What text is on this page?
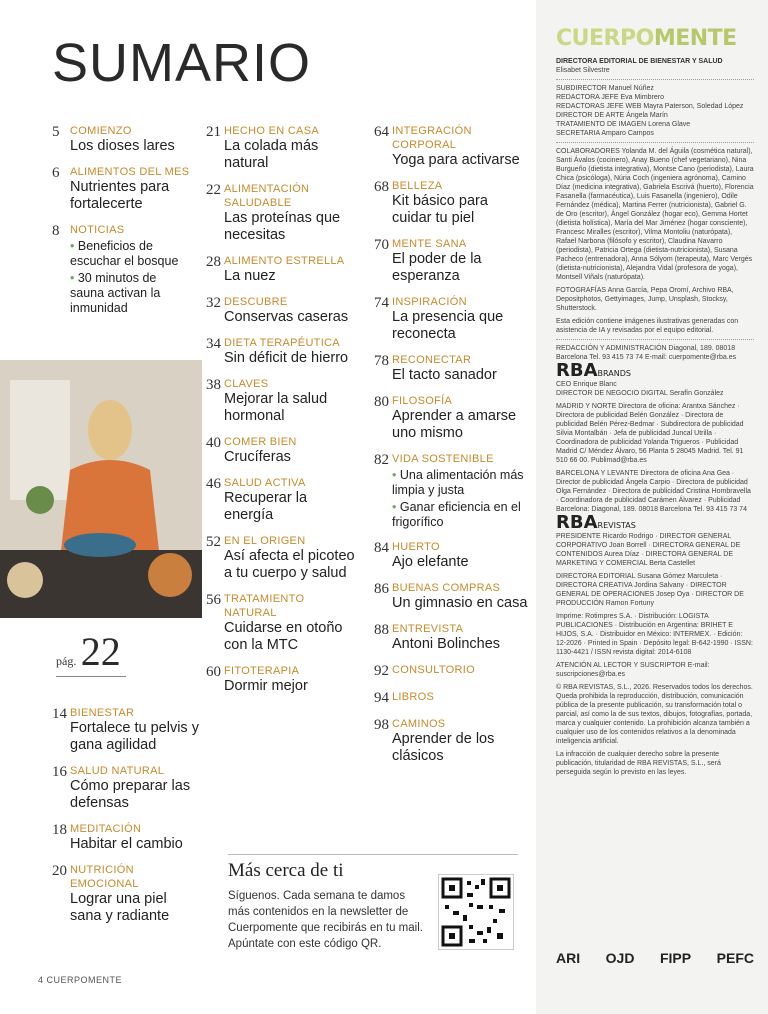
SUMARIO
5 COMIENZO
Los dioses lares
6 ALIMENTOS DEL MES
Nutrientes para fortalecerte
8 NOTICIAS
• Beneficios de escuchar el bosque
• 30 minutos de sauna activan la inmunidad
pág. 22
14 BIENESTAR
Fortalece tu pelvis y gana agilidad
16 SALUD NATURAL
Cómo preparar las defensas
18 MEDITACIÓN
Habitar el cambio
20 NUTRICIÓN EMOCIONAL
Lograr una piel sana y radiante
21 HECHO EN CASA
La colada más natural
22 ALIMENTACIÓN SALUDABLE
Las proteínas que necesitas
28 ALIMENTO ESTRELLA
La nuez
32 DESCUBRE
Conservas caseras
34 DIETA TERAPÉUTICA
Sin déficit de hierro
38 CLAVES
Mejorar la salud hormonal
40 COMER BIEN
Crucíferas
46 SALUD ACTIVA
Recuperar la energía
52 EN EL ORIGEN
Así afecta el picoteo a tu cuerpo y salud
56 TRATAMIENTO NATURAL
Cuidarse en otoño con la MTC
60 FITOTERAPIA
Dormir mejor
64 INTEGRACIÓN CORPORAL
Yoga para activarse
68 BELLEZA
Kit básico para cuidar tu piel
70 MENTE SANA
El poder de la esperanza
74 INSPIRACIÓN
La presencia que reconecta
78 RECONECTAR
El tacto sanador
80 FILOSOFÍA
Aprender a amarse uno mismo
82 VIDA SOSTENIBLE
• Una alimentación más limpia y justa
• Ganar eficiencia en el frigorífico
84 HUERTO
Ajo elefante
86 BUENAS COMPRAS
Un gimnasio en casa
88 ENTREVISTA
Antoni Bolinches
92 CONSULTORIO
94 LIBROS
98 CAMINOS
Aprender de los clásicos
Más cerca de ti
Síguenos. Cada semana te damos más contenidos en la newsletter de Cuerpomente que recibirás en tu mail. Apúntate con este código QR.
4 CUERPOMENTE
CUERPOMENTE
DIRECTORA EDITORIAL DE BIENESTAR Y SALUD
Elisabet Silvestre
SUBDIRECTOR Manuel Núñez
REDACTORA JEFE Eva Mimbrero
REDACTORAS JEFE WEB Mayra Paterson, Soledad López
DIRECTOR DE ARTE Ángela Marín
TRATAMIENTO DE IMAGEN Lorena Glave
SECRETARIA Amparo Campos
COLABORADORES Yolanda M. del Águila (cosmética natural), Santi Ávalos (cocinero), Anay Bueno (chef vegetariano), Nina Burgueño (dietista integrativa), Montse Cano (periodista), Laura Chica (psicóloga), Núria Coch (ingeniera agrónoma), Camino Díaz (medicina integrativa), Gabriela Escrivá (huerto), Florencia Fasanella (farmacéutica), Luis Fasanella (ingeniero), Odile Fernández (médica), Martina Ferrer (nutricionista), Gabriel G. de Oro (escritor), Ángel González (hogar eco), Gemma Hortet (dietista holística), María del Mar Jiménez (hogar consciente), Francesc Miralles (escritor), Vilma Montoliu (naturópata), Rafael Narbona (filósofo y escritor), Claudina Navarro (periodista), Patricia Ortega (dietista-nutricionista), Susana Pacheco (entrenadora), Anna Sólyom (terapeuta), Marc Vergés (dietista-nutricionista), Alejandra Vidal (profesora de yoga), Montsell Viñals (naturópata).
FOTOGRAFÍAS Anna García, Pepa Oromí, Archivo RBA, Depositphotos, Gettyimages, Jump, Unsplash, Stocksy, Shutterstock.
Esta edición contiene imágenes ilustrativas generadas con asistencia de IA y revisadas por el equipo editorial.
REDACCIÓN Y ADMINISTRACIÓN Diagonal, 189. 08018 Barcelona Tel. 93 415 73 74 E-mail: cuerpomente@rba.es
RBABRANDS
CEO Enrique Blanc
DIRECTOR DE NEGOCIO DIGITAL Serafín González
MADRID Y NORTE Directora de oficina: Arantxa Sánchez · Directora de publicidad Belén González · Directora de publicidad Belén Pérez-Bedmar · Subdirectora de publicidad Silvia Montalbán · Jefa de publicidad Juncal Utrilla · Coordinadora de publicidad Yolanda Trigueros · Publicidad Madrid C/ Méndez Álvaro, 56 Planta 5 28045 Madrid. Tel. 91 510 66 00. Publimad@rba.es
BARCELONA Y LEVANTE Directora de oficina Ana Gea · Director de publicidad Ángela Carpio · Directora de publicidad Olga Fernández · Directora de publicidad Cristina Hombravella · Coordinadora de publicidad Carámen Álvarez · Publicidad Barcelona: Diagonal, 189. 08018 Barcelona Tel. 93 415 73 74
RBAREVISTAS
PRESIDENTE Ricardo Rodrigo · DIRECTOR GENERAL CORPORATIVO Joan Borrell · DIRECTORA GENERAL DE CONTENIDOS Aurea Díaz · DIRECTORA GENERAL DE MARKETING Y COMERCIAL Berta Castellet
DIRECTORA EDITORIAL Susana Gómez Marculeta · DIRECTORA CREATIVA Jordina Salvany · DIRECTOR GENERAL DE OPERACIONES Josep Oya · DIRECTOR DE PRODUCCIÓN Ramon Fortuny
Imprime: Rotimpres S.A. · Distribución: LOGISTA PUBLICACIONES · Distribución en Argentina: BRIHET E HIJOS, S.A. · Distribuidor en México: INTERMEX. · Edición: 12-2026 · Printed in Spain · Depósito legal: B-642-1990 · ISSN: 1130-4421 / ISSN revista digital: 2014-6108
ATENCIÓN AL LECTOR Y SUSCRIPTOR E-mail: suscripciones@rba.es
© RBA REVISTAS, S.L., 2026. Reservados todos los derechos. Queda prohibida la reproducción, distribución, comunicación pública de la presente publicación, su transformación total o parcial, así como la de sus textos, dibujos, fotografías, portada, marca y cualquier contenido. La prohibición alcanza también a cualquier uso de los contenidos relativos a la denominada inteligencia artificial.
La infracción de cualquier derecho sobre la presente publicación, titularidad de RBA REVISTAS, S.L., será perseguida según lo previsto en las leyes.
ARI OJD FIPP PEFC
